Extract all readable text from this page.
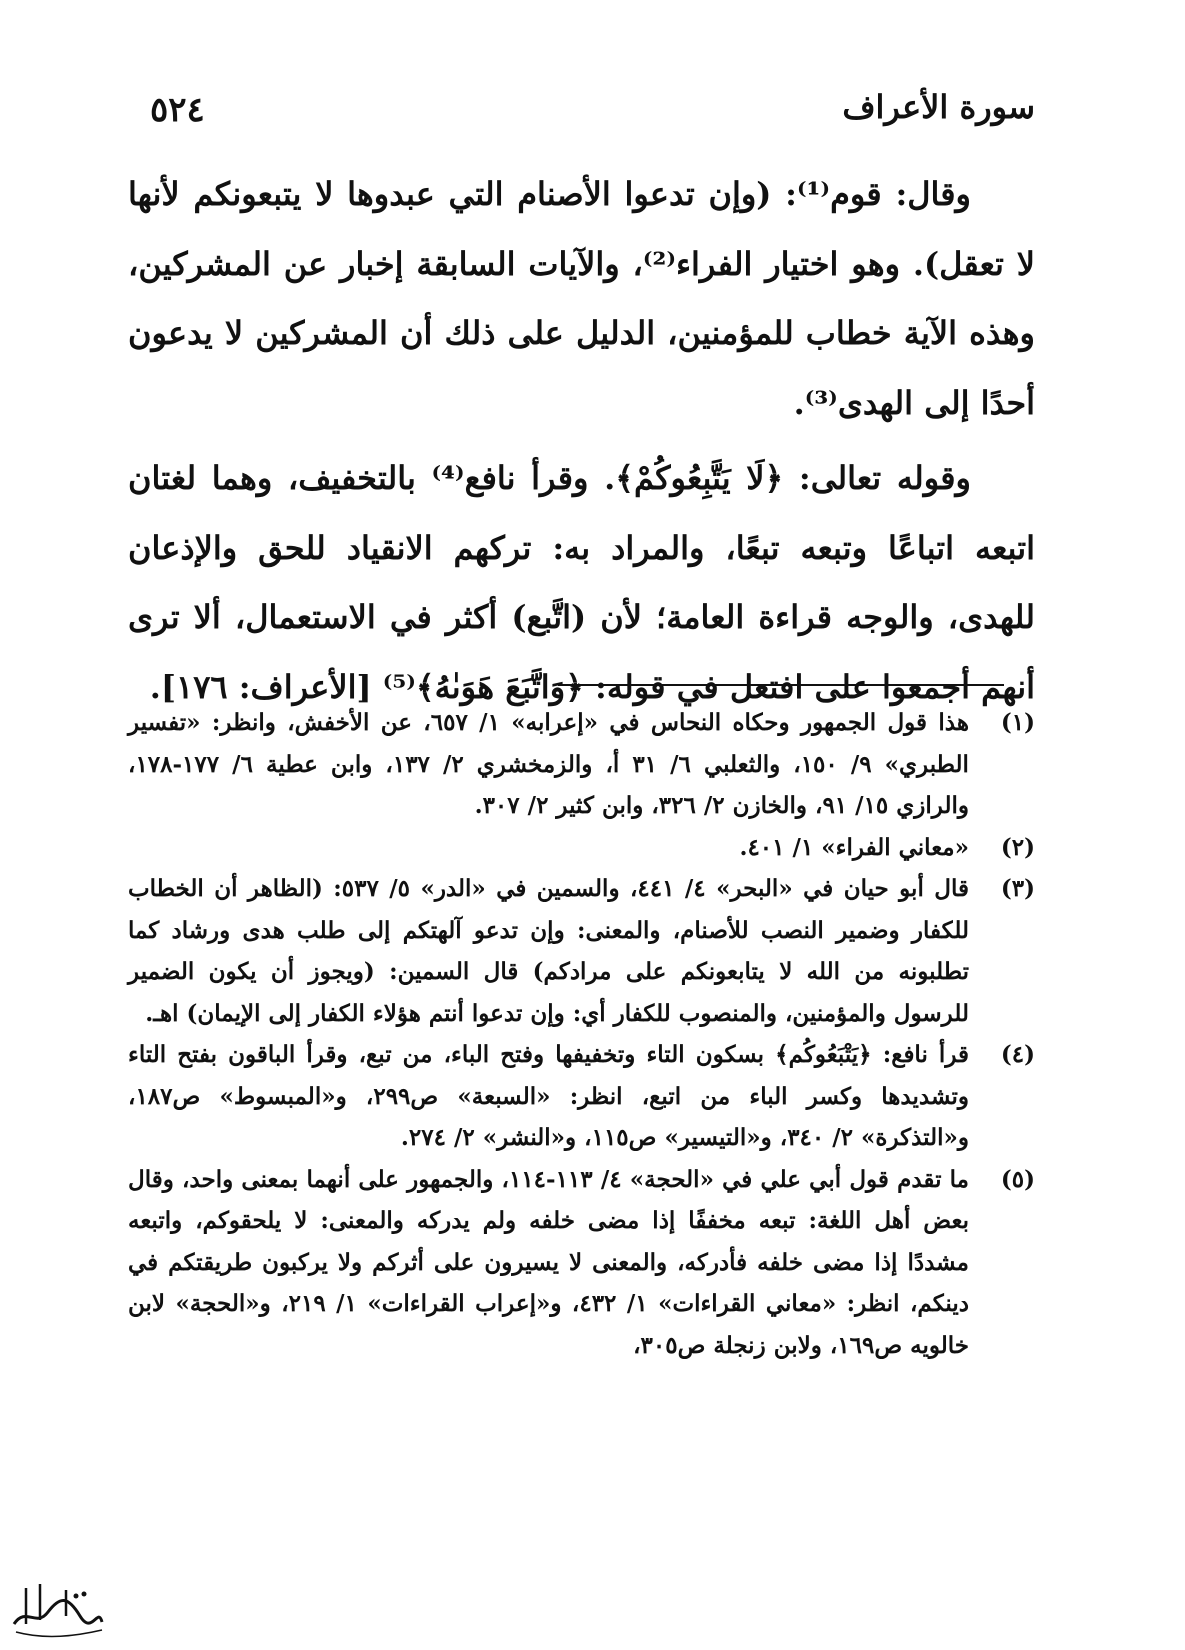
سورة الأعراف
٥٢٤

وقال: قوم⁽¹⁾: (وإن تدعوا الأصنام التي عبدوها لا يتبعونكم لأنها لا تعقل). وهو اختيار الفراء⁽²⁾، والآيات السابقة إخبار عن المشركين، وهذه الآية خطاب للمؤمنين، الدليل على ذلك أن المشركين لا يدعون أحدًا إلى الهدى⁽³⁾.

وقوله تعالى: ﴿لَا يَتَّبِعُوكُمْ﴾. وقرأ نافع⁽⁴⁾ بالتخفيف، وهما لغتان اتبعه اتباعًا وتبعه تبعًا، والمراد به: تركهم الانقياد للحق والإذعان للهدى، والوجه قراءة العامة؛ لأن (اتَّبع) أكثر في الاستعمال، ألا ترى أنهم أجمعوا على افتعل في قوله: ﴿وَاتَّبَعَ هَوَىٰهُ﴾⁽⁵⁾ [الأعراف: ١٧٦].

(١)
هذا قول الجمهور وحكاه النحاس في «إعرابه» ١/ ٦٥٧، عن الأخفش، وانظر: «تفسير الطبري» ٩/ ١٥٠، والثعلبي ٦/ ٣١ أ، والزمخشري ٢/ ١٣٧، وابن عطية ٦/ ١٧٧-١٧٨، والرازي ١٥/ ٩١، والخازن ٢/ ٣٢٦، وابن كثير ٢/ ٣٠٧.
(٢)
«معاني الفراء» ١/ ٤٠١.
(٣)
قال أبو حيان في «البحر» ٤/ ٤٤١، والسمين في «الدر» ٥/ ٥٣٧: (الظاهر أن الخطاب للكفار وضمير النصب للأصنام، والمعنى: وإن تدعو آلهتكم إلى طلب هدى ورشاد كما تطلبونه من الله لا يتابعونكم على مرادكم) قال السمين: (ويجوز أن يكون الضمير للرسول والمؤمنين، والمنصوب للكفار أي: وإن تدعوا أنتم هؤلاء الكفار إلى الإيمان) اهـ.
(٤)
قرأ نافع: ﴿يَتْبَعُوكُم﴾ بسكون التاء وتخفيفها وفتح الباء، من تبع، وقرأ الباقون بفتح التاء وتشديدها وكسر الباء من اتبع، انظر: «السبعة» ص٢٩٩، و«المبسوط» ص١٨٧، و«التذكرة» ٢/ ٣٤٠، و«التيسير» ص١١٥، و«النشر» ٢/ ٢٧٤.
(٥)
ما تقدم قول أبي علي في «الحجة» ٤/ ١١٣-١١٤، والجمهور على أنهما بمعنى واحد، وقال بعض أهل اللغة: تبعه مخففًا إذا مضى خلفه ولم يدركه والمعنى: لا يلحقوكم، واتبعه مشددًا إذا مضى خلفه فأدركه، والمعنى لا يسيرون على أثركم ولا يركبون طريقتكم في دينكم، انظر: «معاني القراءات» ١/ ٤٣٢، و«إعراب القراءات» ١/ ٢١٩، و«الحجة» لابن خالويه ص١٦٩، ولابن زنجلة ص٣٠٥،
